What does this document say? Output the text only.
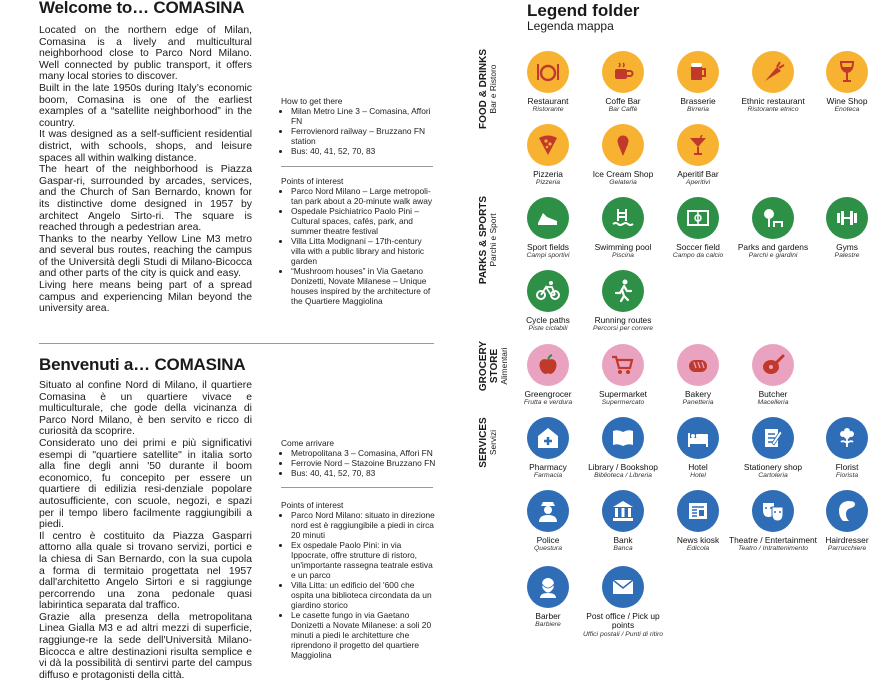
Welcome to… COMASINA

Located on the northern edge of Milan, Comasina is a lively and multicultural neighborhood close to Parco Nord Milano. Well connected by public transport, it offers many local stories to discover.

Built in the late 1950s during Italy’s economic boom, Comasina is one of the earliest examples of a “satellite neighborhood” in the country.

It was designed as a self-sufficient residential district, with schools, shops, and leisure spaces all within walking distance.

The heart of the neighborhood is Piazza Gaspar-ri, surrounded by arcades, services, and the Church of San Bernardo, known for its distinctive dome designed in 1957 by architect Angelo Sirto-ri. The square is reached through a pedestrian area.

Thanks to the nearby Yellow Line M3 metro and several bus routes, reaching the campus of the Università degli Studi di Milano-Bicocca and other parts of the city is quick and easy.

Living here means being part of a spread campus and experiencing Milan beyond the university area.

How to get there
• Milan Metro Line 3 – Comasina, Affori FN
• Ferrovienord railway – Bruzzano FN station
• Bus: 40, 41, 52, 70, 83
Points of interest
• Parco Nord Milano – Large metropoli-tan park about a 20-minute walk away
• Ospedale Psichiatrico Paolo Pini – Cultural spaces, cafés, park, and summer theatre festival
• Villa Litta Modignani – 17th-century villa with a public library and historic garden
• “Mushroom houses” in Via Gaetano Donizetti, Novate Milanese – Unique houses inspired by the architecture of the Quartiere Maggiolina
Benvenuti a… COMASINA

Situato al confine Nord di Milano, il quartiere Comasina è un quartiere vivace e multiculturale, che gode della vicinanza di Parco Nord Milano, è ben servito e ricco di curiosità da scoprire.

Considerato uno dei primi e più significativi esempi di "quartiere satellite" in italia sorto alla fine degli anni '50 durante il boom economico, fu concepito per essere un quartiere di edilizia resi-denziale popolare autosufficiente, con scuole, negozi, e spazi per il tempo libero facilmente raggiungibili a piedi.

Il centro è costituito da Piazza Gasparri attorno alla quale si trovano servizi, portici e la chiesa di San Bernardo, con la sua cupola a forma di termitaio progettata nel 1957 dall'architetto Angelo Sirtori e si raggiunge percorrendo una zona pedonale quasi labirintica separata dal traffico.

Grazie alla presenza della metropolitana Linea Gialla M3 e ad altri mezzi di superficie, raggiunge-re la sede dell'Università Milano-Bicocca e altre destinazioni risulta semplice e vi dà la possibilità di sentirvi parte del campus diffuso e protagonisti della città.

Come arrivare
• Metropolitana 3 – Comasina, Affori FN
• Ferrovie Nord – Stazoine Bruzzano FN
• Bus: 40, 41, 52, 70, 83
Points of interest
• Parco Nord Milano: situato in direzione nord est è raggiungibile a piedi in circa 20 minuti
• Ex ospedale Paolo Pini: in via Ippocrate, offre strutture di ristoro, un'importante rassegna teatrale estiva e un parco
• Villa Litta: un edificio del '600 che ospita una biblioteca circondata da un giardino storico
• Le casette fungo in via Gaetano Donizetti a Novate Milanese: a soli 20 minuti a piedi le architetture che riprendono il progetto del quartiere Maggiolina
Legend folder
Legenda mappa
FOOD & DRINKS Bar e Ristoro
PARKS & SPORTS Parchi e Sport
GROCERY STORE Alimentari
SERVICES Servizi
Restaurant
Ristorante
Coffe Bar
Bar Caffè
Brasserie
Birreria
Ethnic restaurant
Ristorante etnico
Wine Shop
Enoteca
Pizzeria
Pizzeria
Ice Cream Shop
Gelateria
Aperitif Bar
Aperitivi
Sport fields
Campi sportivi
Swimming pool
Piscina
Soccer field
Campo da calcio
Parks and gardens
Parchi e giardini
Gyms
Palestre
Cycle paths
Piste ciclabili
Running routes
Percorsi per correre
Greengrocer
Frutta e verdura
Supermarket
Supermercato
Bakery
Panetteria
Butcher
Macelleria
Pharmacy
Farmacia
Library / Bookshop
Biblioteca / Libreria
Hotel
Hotel
Stationery shop
Cartoleria
Florist
Fiorista
Police
Questura
Bank
Banca
News kiosk
Edicola
Theatre / Entertainment
Teatro / Intrattenimento
Hairdresser
Parrucchiere
Barber
Barbiere
Post office / Pick up points
Uffici postali / Punti di ritiro
